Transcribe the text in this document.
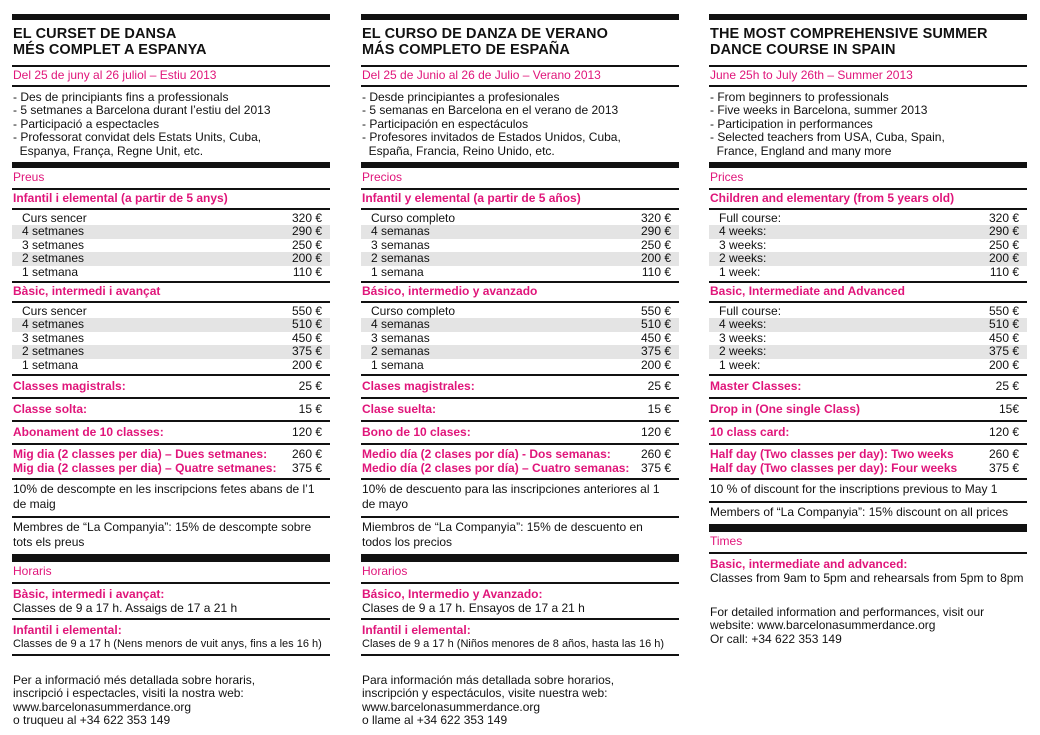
EL CURSET DE DANSA
MÉS COMPLET A ESPANYA
Del 25 de juny al 26 juliol – Estiu 2013
- Des de principiants fins a professionals
- 5 setmanes a Barcelona durant l’estiu del 2013
- Participació a espectacles
- Professorat convidat dels Estats Units, Cuba,
Espanya, França, Regne Unit, etc.
Preus
Infantil i elemental (a partir de 5 anys)
Curs sencer	320 €
4 setmanes	290 €
3 setmanes	250 €
2 setmanes	200 €
1 setmana	110 €
Bàsic, intermedi i avançat
Curs sencer	550 €
4 setmanes	510 €
3 setmanes	450 €
2 setmanes	375 €
1 setmana	200 €
Classes magistrals:	25 €
Classe solta:	15 €
Abonament de 10 classes:	120 €
Mig dia (2 classes per dia) – Dues setmanes: 260 €
Mig dia (2 classes per dia) – Quatre setmanes: 375 €
10% de descompte en les inscripcions fetes abans de l’1 de maig
Membres de “La Companyia”: 15% de descompte sobre tots els preus
Horaris
Bàsic, intermedi i avançat:
Classes de 9 a 17 h. Assaigs de 17 a 21 h
Infantil i elemental:
Classes de 9 a 17 h (Nens menors de vuit anys, fins a les 16 h)
Per a informació més detallada sobre horaris,
inscripció i espectacles, visiti la nostra web:
www.barcelonasummerdance.org
o truqueu al +34 622 353 149
EL CURSO DE DANZA DE VERANO
MÁS COMPLETO DE ESPAÑA
Del 25 de Junio al 26 de Julio – Verano 2013
- Desde principiantes a profesionales
- 5 semanas en Barcelona en el verano de 2013
- Participación en espectáculos
- Profesores invitados de Estados Unidos, Cuba,
España, Francia, Reino Unido, etc.
Precios
Infantil y elemental (a partir de 5 años)
Curso completo	320 €
4 semanas	290 €
3 semanas	250 €
2 semanas	200 €
1 semana	110 €
Básico, intermedio y avanzado
Curso completo	550 €
4 semanas	510 €
3 semanas	450 €
2 semanas	375 €
1 semana	200 €
Clases magistrales:	25 €
Clase suelta:	15 €
Bono de 10 clases:	120 €
Medio día (2 clases por día) - Dos semanas:	260 €
Medio día (2 clases por día) – Cuatro semanas: 375 €
10% de descuento para las inscripciones anteriores al 1 de mayo
Miembros de “La Companyia”: 15% de descuento en todos los precios
Horarios
Básico, Intermedio y Avanzado:
Clases de 9 a 17 h. Ensayos de 17 a 21 h
Infantil i elemental:
Clases de 9 a 17 h (Niños menores de 8 años, hasta las 16 h)
Para información más detallada sobre horarios,
inscripción y espectáculos, visite nuestra web:
www.barcelonasummerdance.org
o llame al +34 622 353 149
THE MOST COMPREHENSIVE SUMMER
DANCE COURSE IN SPAIN
June 25h to July 26th – Summer 2013
- From beginners to professionals
- Five weeks in Barcelona, summer 2013
- Participation in performances
- Selected teachers from USA, Cuba, Spain,
France, England and many more
Prices
Children and elementary (from 5 years old)
Full course:	320 €
4 weeks:	290 €
3 weeks:	250 €
2 weeks:	200 €
1 week:	110 €
Basic, Intermediate and Advanced
Full course:	550 €
4 weeks:	510 €
3 weeks:	450 €
2 weeks:	375 €
1 week:	200 €
Master Classes:	25 €
Drop in (One single Class)	15€
10 class card:	120 €
Half day (Two classes per day): Two weeks	260 €
Half day (Two classes per day): Four weeks	375 €
10 % of discount for the inscriptions previous to May 1
Members of “La Companyia”: 15% discount on all prices
Times
Basic, intermediate and advanced:
Classes from 9am to 5pm and rehearsals from 5pm to 8pm
For detailed information and performances, visit our
website: www.barcelonasummerdance.org
Or call: +34 622 353 149
